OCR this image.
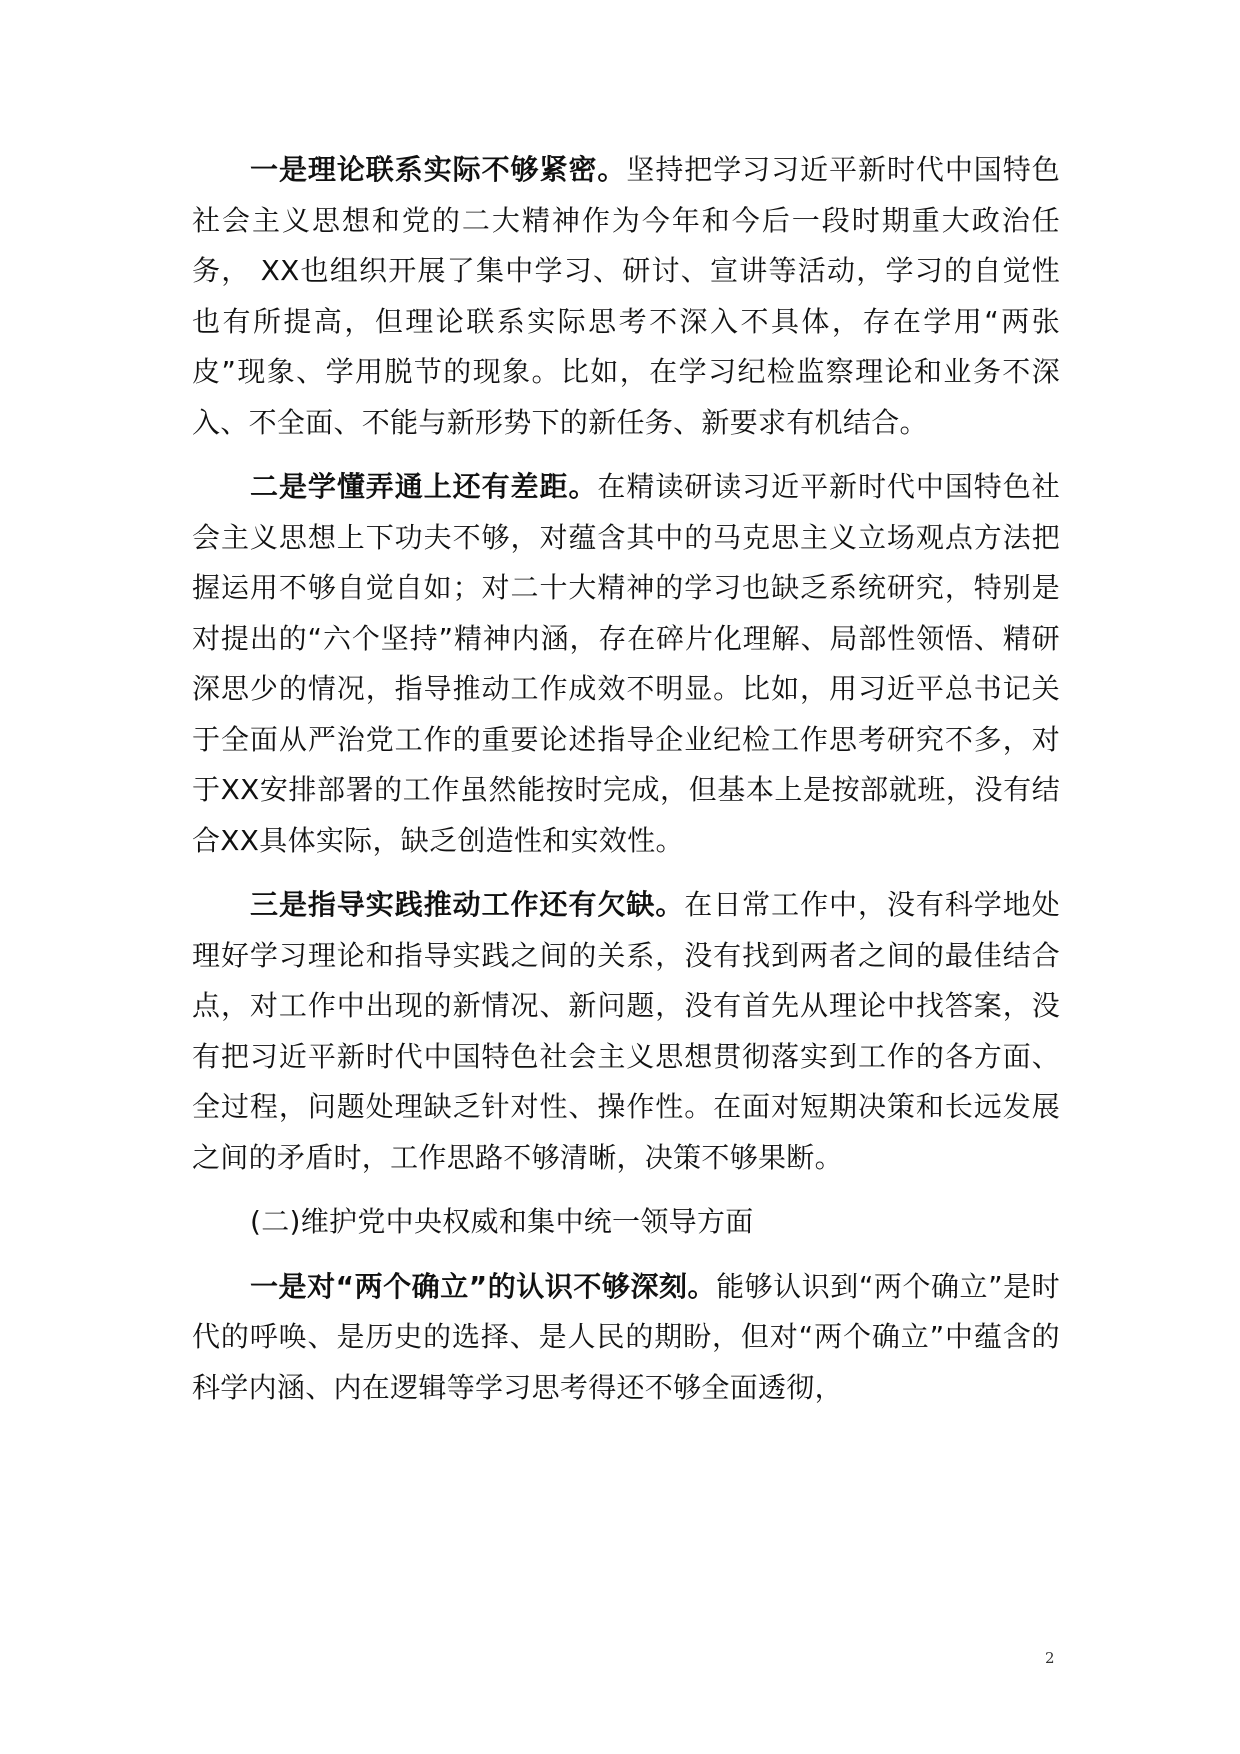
一是理论联系实际不够紧密。坚持把学习习近平新时代中国特色社会主义思想和党的二大精神作为今年和今后一段时期重大政治任务， XX也组织开展了集中学习、研讨、宣讲等活动，学习的自觉性也有所提高，但理论联系实际思考不深入不具体，存在学用“两张皮”现象、学用脱节的现象。比如，在学习纪检监察理论和业务不深入、不全面、不能与新形势下的新任务、新要求有机结合。

二是学懂弄通上还有差距。在精读研读习近平新时代中国特色社会主义思想上下功夫不够，对蕴含其中的马克思主义立场观点方法把握运用不够自觉自如；对二十大精神的学习也缺乏系统研究，特别是对提出的“六个坚持”精神内涵，存在碎片化理解、局部性领悟、精研深思少的情况，指导推动工作成效不明显。比如，用习近平总书记关于全面从严治党工作的重要论述指导企业纪检工作思考研究不多，对于XX安排部署的工作虽然能按时完成，但基本上是按部就班，没有结合XX具体实际，缺乏创造性和实效性。

三是指导实践推动工作还有欠缺。在日常工作中，没有科学地处理好学习理论和指导实践之间的关系，没有找到两者之间的最佳结合点，对工作中出现的新情况、新问题，没有首先从理论中找答案，没有把习近平新时代中国特色社会主义思想贯彻落实到工作的各方面、全过程，问题处理缺乏针对性、操作性。在面对短期决策和长远发展之间的矛盾时，工作思路不够清晰，决策不够果断。

(二)维护党中央权威和集中统一领导方面

一是对“两个确立”的认识不够深刻。能够认识到“两个确立”是时代的呼唤、是历史的选择、是人民的期盼，但对“两个确立”中蕴含的科学内涵、内在逻辑等学习思考得还不够全面透彻，

2
